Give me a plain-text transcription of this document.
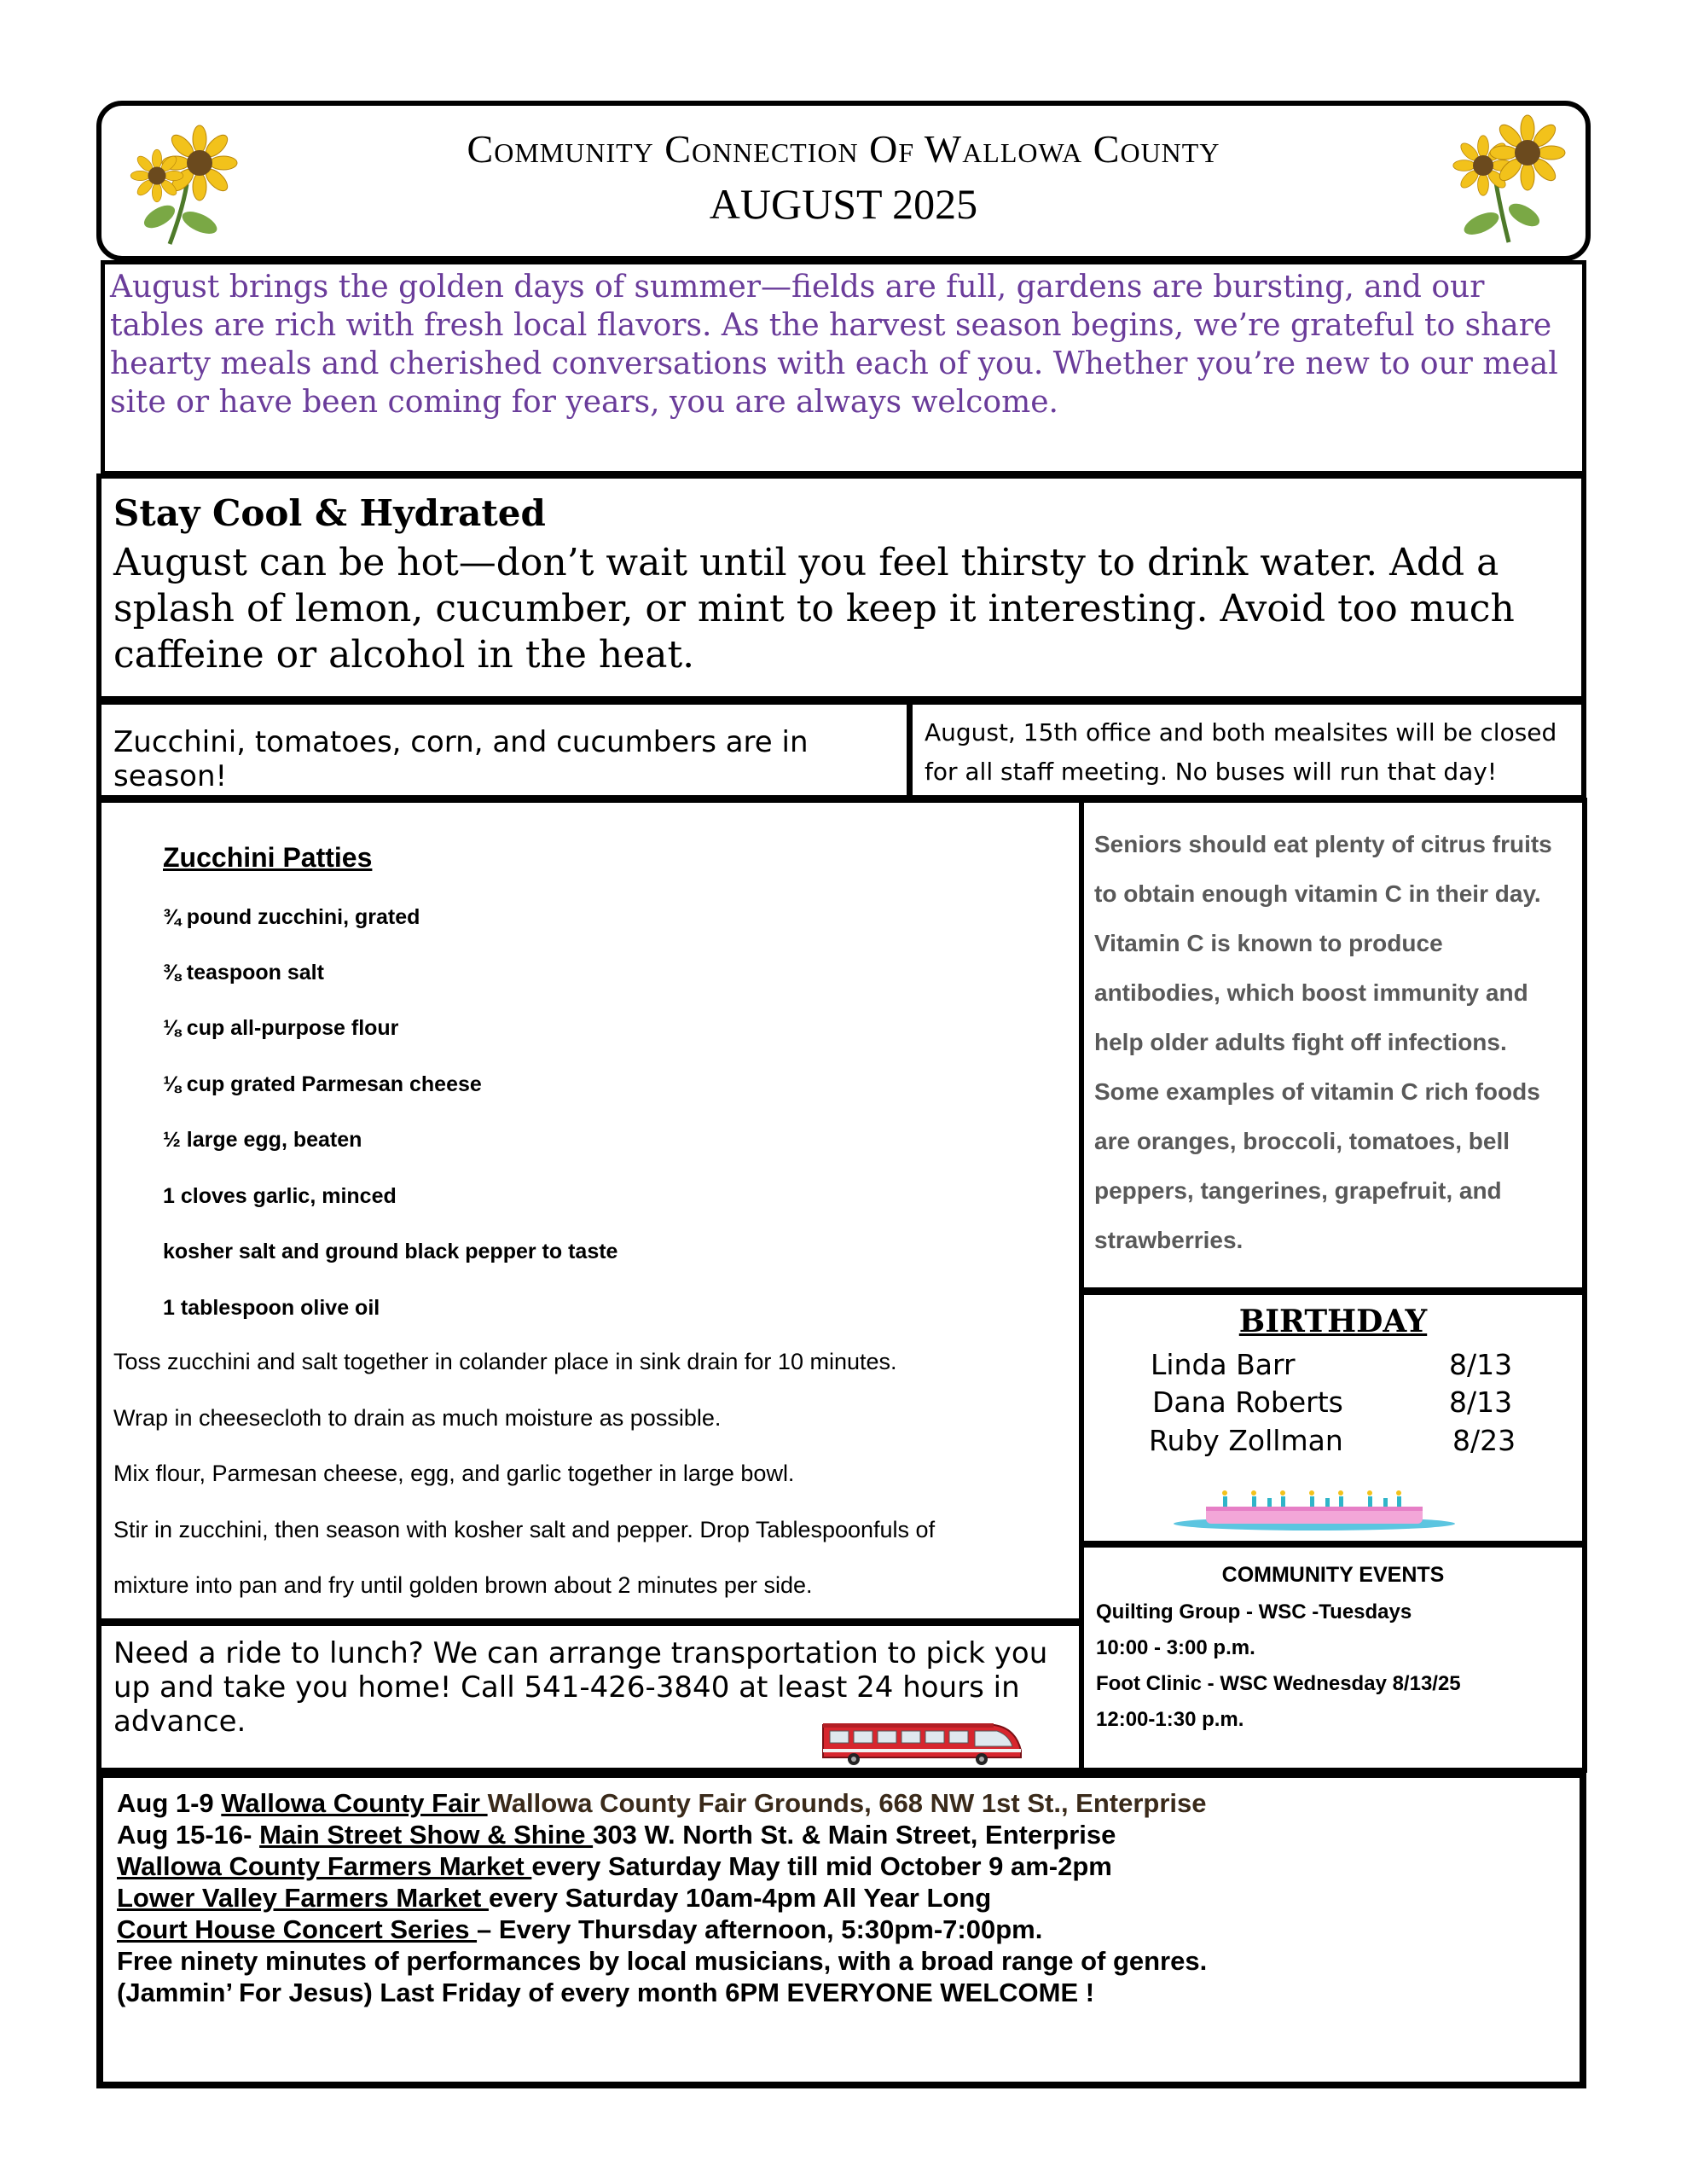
Community Connection Of Wallowa County
AUGUST 2025

August brings the golden days of summer—fields are full, gardens are bursting, and our tables are rich with fresh local flavors. As the harvest season begins, we’re grateful to share hearty meals and cherished conversations with each of you. Whether you’re new to our meal site or have been coming for years, you are always welcome.

Stay Cool & Hydrated
August can be hot—don’t wait until you feel thirsty to drink water. Add a splash of lemon, cucumber, or mint to keep it interesting. Avoid too much caffeine or alcohol in the heat.
Zucchini, tomatoes, corn, and cucumbers are in season!
August, 15th office and both mealsites will be closed for all staff meeting. No buses will run that day!
Zucchini Patties
¾ pound zucchini, grated
⅜ teaspoon salt
⅛ cup all-purpose flour
⅛ cup grated Parmesan cheese
½ large egg, beaten
1 cloves garlic, minced
kosher salt and ground black pepper to taste
1 tablespoon olive oil
Toss zucchini and salt together in colander place in sink drain for 10 minutes.
Wrap in cheesecloth to drain as much moisture as possible.
Mix flour, Parmesan cheese, egg, and garlic together in large bowl.
Stir in zucchini, then season with kosher salt and pepper. Drop Tablespoonfuls of
mixture into pan and fry until golden brown about 2 minutes per side.

Seniors should eat plenty of citrus fruits to obtain enough vitamin C in their day. Vitamin C is known to produce antibodies, which boost immunity and help older adults fight off infections. Some examples of vitamin C rich foods are oranges, broccoli, tomatoes, bell peppers, tangerines, grapefruit, and strawberries.

BIRTHDAY
Linda Barr	8/13
Dana Roberts	8/13
Ruby Zollman	8/23

Need a ride to lunch? We can arrange transportation to pick you up and take you home! Call 541-426-3840 at least 24 hours in advance.

COMMUNITY EVENTS
Quilting Group - WSC -Tuesdays
10:00 - 3:00 p.m.
Foot Clinic - WSC Wednesday 8/13/25
12:00-1:30 p.m.
Aug 1-9 Wallowa County Fair Wallowa County Fair Grounds, 668 NW 1st St., Enterprise
Aug 15-16- Main Street Show & Shine 303 W. North St. & Main Street, Enterprise
Wallowa County Farmers Market every Saturday May till mid October 9 am-2pm
Lower Valley Farmers Market every Saturday 10am-4pm All Year Long
Court House Concert Series – Every Thursday afternoon, 5:30pm-7:00pm.
Free ninety minutes of performances by local musicians, with a broad range of genres.
(Jammin’ For Jesus) Last Friday of every month 6PM EVERYONE WELCOME !
